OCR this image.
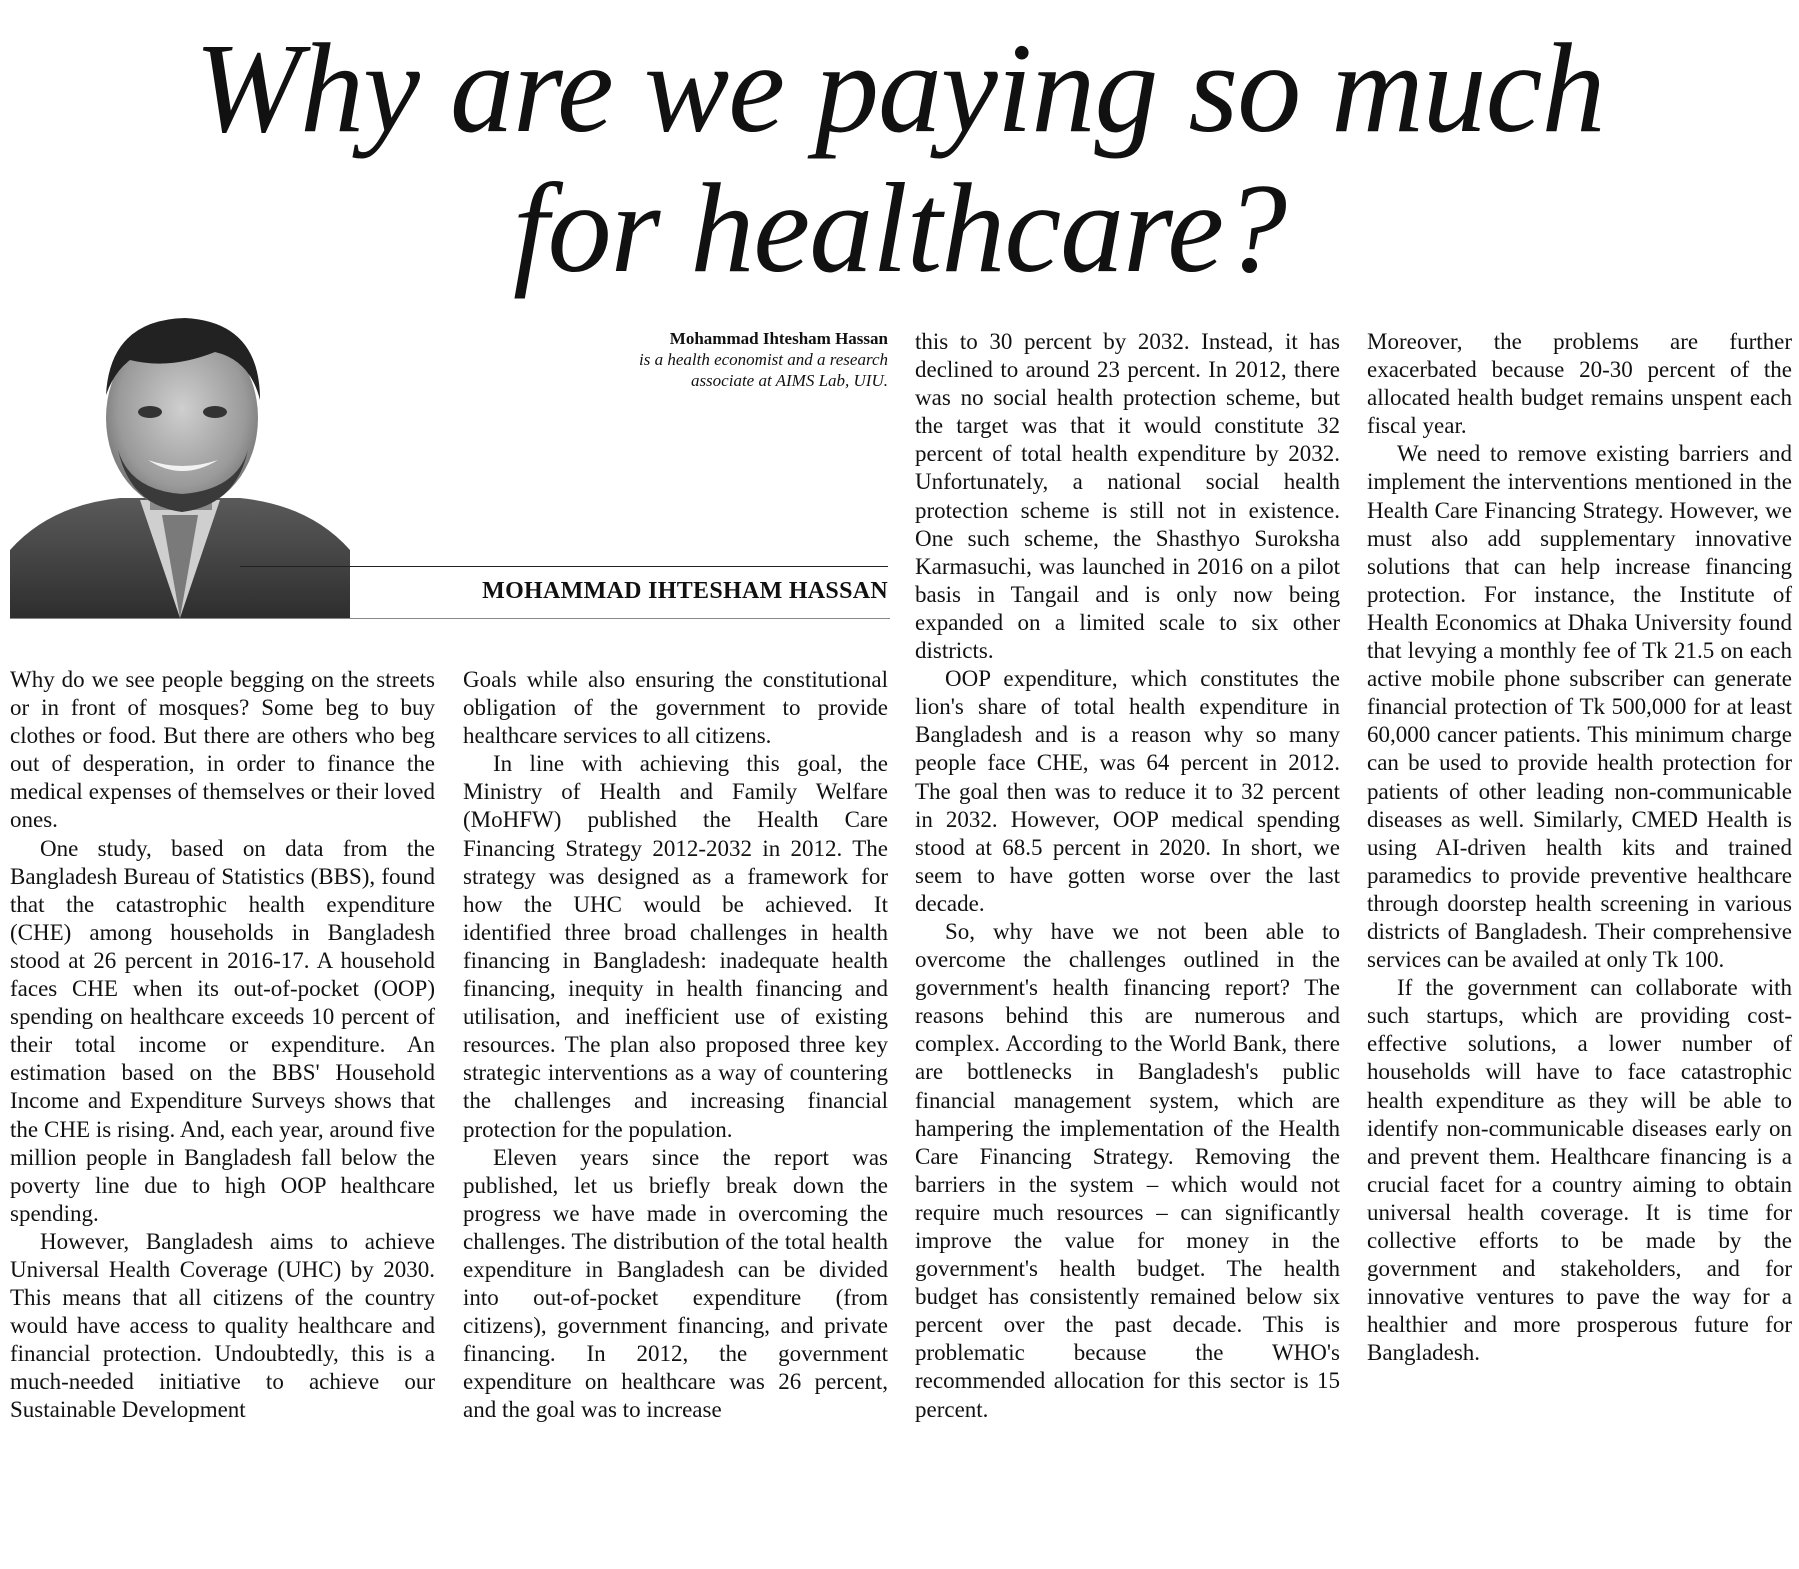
Why are we paying so much
for healthcare?
Mohammad Ihtesham Hassan
is a health economist and a research
associate at AIMS Lab, UIU.
MOHAMMAD IHTESHAM HASSAN

Why do we see people begging on the streets or in front of mosques? Some beg to buy clothes or food. But there are others who beg out of desperation, in order to finance the medical expenses of themselves or their loved ones.

One study, based on data from the Bangladesh Bureau of Statistics (BBS), found that the catastrophic health expenditure (CHE) among households in Bangladesh stood at 26 percent in 2016-17. A household faces CHE when its out-of-pocket (OOP) spending on healthcare exceeds 10 percent of their total income or expenditure. An estimation based on the BBS' Household Income and Expenditure Surveys shows that the CHE is rising. And, each year, around five million people in Bangladesh fall below the poverty line due to high OOP healthcare spending.

However, Bangladesh aims to achieve Universal Health Coverage (UHC) by 2030. This means that all citizens of the country would have access to quality healthcare and financial protection. Undoubtedly, this is a much-needed initiative to achieve our Sustainable Development

Goals while also ensuring the constitutional obligation of the government to provide healthcare services to all citizens.

In line with achieving this goal, the Ministry of Health and Family Welfare (MoHFW) published the Health Care Financing Strategy 2012-2032 in 2012. The strategy was designed as a framework for how the UHC would be achieved. It identified three broad challenges in health financing in Bangladesh: inadequate health financing, inequity in health financing and utilisation, and inefficient use of existing resources. The plan also proposed three key strategic interventions as a way of countering the challenges and increasing financial protection for the population.

Eleven years since the report was published, let us briefly break down the progress we have made in overcoming the challenges. The distribution of the total health expenditure in Bangladesh can be divided into out-of-pocket expenditure (from citizens), government financing, and private financing. In 2012, the government expenditure on healthcare was 26 percent, and the goal was to increase

this to 30 percent by 2032. Instead, it has declined to around 23 percent. In 2012, there was no social health protection scheme, but the target was that it would constitute 32 percent of total health expenditure by 2032. Unfortunately, a national social health protection scheme is still not in existence. One such scheme, the Shasthyo Suroksha Karmasuchi, was launched in 2016 on a pilot basis in Tangail and is only now being expanded on a limited scale to six other districts.

OOP expenditure, which constitutes the lion's share of total health expenditure in Bangladesh and is a reason why so many people face CHE, was 64 percent in 2012. The goal then was to reduce it to 32 percent in 2032. However, OOP medical spending stood at 68.5 percent in 2020. In short, we seem to have gotten worse over the last decade.

So, why have we not been able to overcome the challenges outlined in the government's health financing report? The reasons behind this are numerous and complex. According to the World Bank, there are bottlenecks in Bangladesh's public financial management system, which are hampering the implementation of the Health Care Financing Strategy. Removing the barriers in the system – which would not require much resources – can significantly improve the value for money in the government's health budget. The health budget has consistently remained below six percent over the past decade. This is problematic because the WHO's recommended allocation for this sector is 15 percent.

Moreover, the problems are further exacerbated because 20-30 percent of the allocated health budget remains unspent each fiscal year.

We need to remove existing barriers and implement the interventions mentioned in the Health Care Financing Strategy. However, we must also add supplementary innovative solutions that can help increase financing protection. For instance, the Institute of Health Economics at Dhaka University found that levying a monthly fee of Tk 21.5 on each active mobile phone subscriber can generate financial protection of Tk 500,000 for at least 60,000 cancer patients. This minimum charge can be used to provide health protection for patients of other leading non-communicable diseases as well. Similarly, CMED Health is using AI-driven health kits and trained paramedics to provide preventive healthcare through doorstep health screening in various districts of Bangladesh. Their comprehensive services can be availed at only Tk 100.

If the government can collaborate with such startups, which are providing cost-effective solutions, a lower number of households will have to face catastrophic health expenditure as they will be able to identify non-communicable diseases early on and prevent them. Healthcare financing is a crucial facet for a country aiming to obtain universal health coverage. It is time for collective efforts to be made by the government and stakeholders, and for innovative ventures to pave the way for a healthier and more prosperous future for Bangladesh.
